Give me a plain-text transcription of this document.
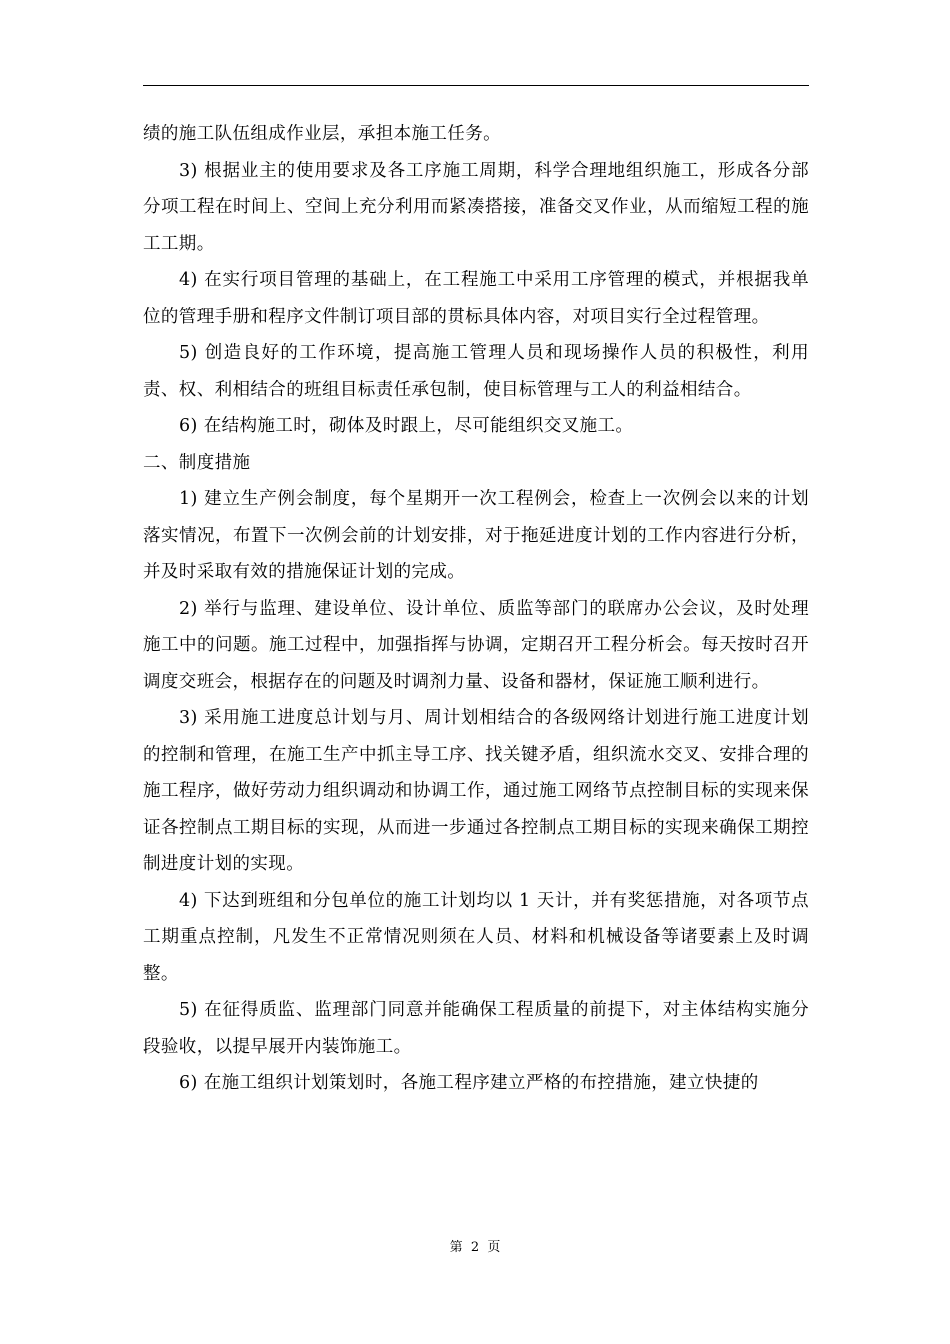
绩的施工队伍组成作业层，承担本施工任务。

3) 根据业主的使用要求及各工序施工周期，科学合理地组织施工，形成各分部分项工程在时间上、空间上充分利用而紧凑搭接，准备交叉作业，从而缩短工程的施工工期。

4) 在实行项目管理的基础上，在工程施工中采用工序管理的模式，并根据我单位的管理手册和程序文件制订项目部的贯标具体内容，对项目实行全过程管理。

5) 创造良好的工作环境，提高施工管理人员和现场操作人员的积极性，利用责、权、利相结合的班组目标责任承包制，使目标管理与工人的利益相结合。

6) 在结构施工时，砌体及时跟上，尽可能组织交叉施工。

二、制度措施

1) 建立生产例会制度，每个星期开一次工程例会，检查上一次例会以来的计划落实情况，布置下一次例会前的计划安排，对于拖延进度计划的工作内容进行分析，并及时采取有效的措施保证计划的完成。

2) 举行与监理、建设单位、设计单位、质监等部门的联席办公会议，及时处理施工中的问题。施工过程中，加强指挥与协调，定期召开工程分析会。每天按时召开调度交班会，根据存在的问题及时调剂力量、设备和器材，保证施工顺利进行。

3) 采用施工进度总计划与月、周计划相结合的各级网络计划进行施工进度计划的控制和管理，在施工生产中抓主导工序、找关键矛盾，组织流水交叉、安排合理的施工程序，做好劳动力组织调动和协调工作，通过施工网络节点控制目标的实现来保证各控制点工期目标的实现，从而进一步通过各控制点工期目标的实现来确保工期控制进度计划的实现。

4) 下达到班组和分包单位的施工计划均以 1 天计，并有奖惩措施，对各项节点工期重点控制，凡发生不正常情况则须在人员、材料和机械设备等诸要素上及时调整。

5) 在征得质监、监理部门同意并能确保工程质量的前提下，对主体结构实施分段验收，以提早展开内装饰施工。

6) 在施工组织计划策划时，各施工程序建立严格的布控措施，建立快捷的

第  2  页
